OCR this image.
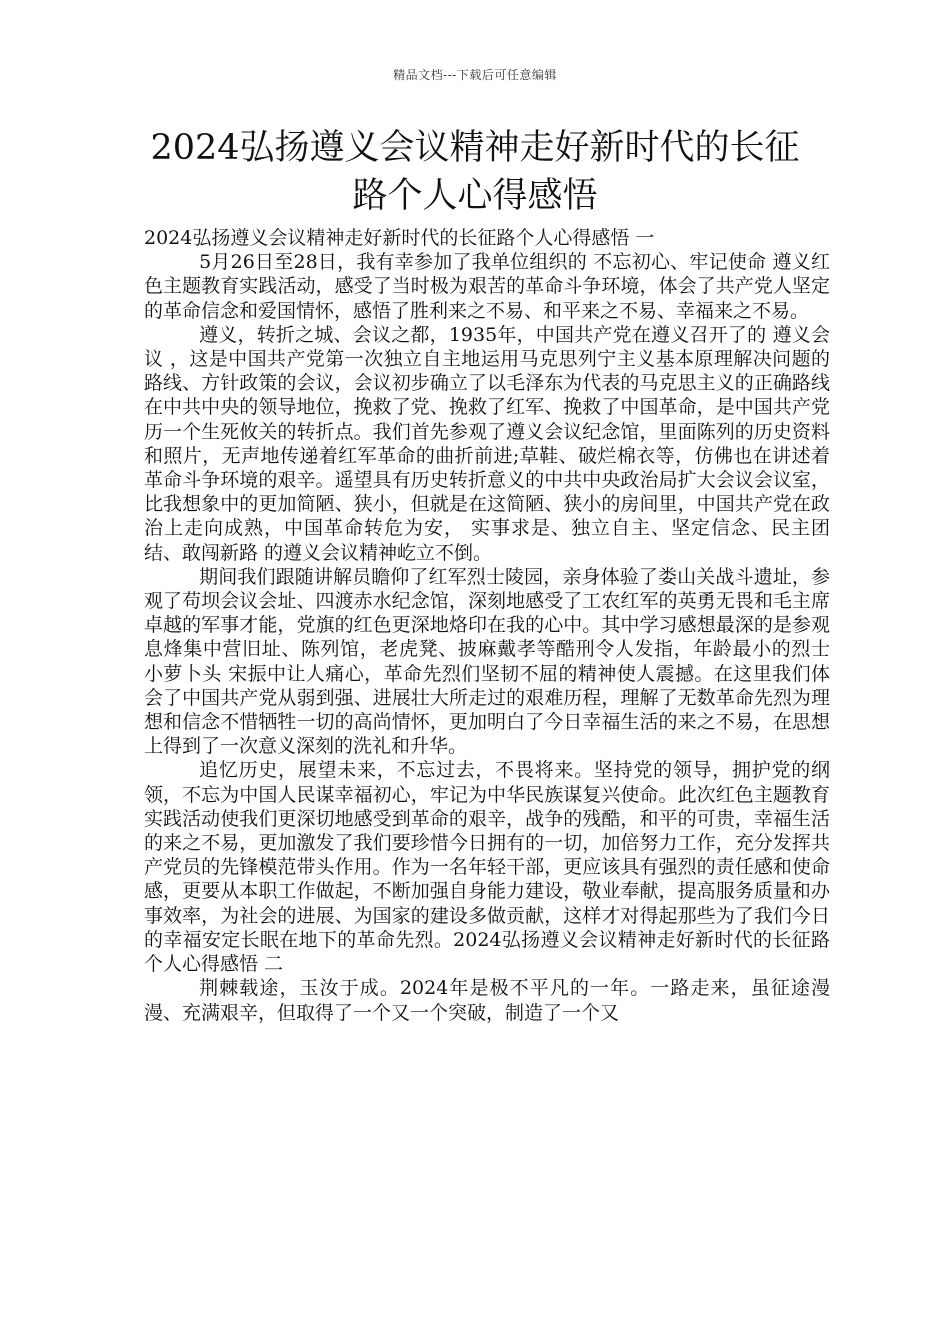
精品文档---下载后可任意编辑
2024弘扬遵义会议精神走好新时代的长征路个人心得感悟

2024弘扬遵义会议精神走好新时代的长征路个人心得感悟 一

5月26日至28日，我有幸参加了我单位组织的 不忘初心、牢记使命 遵义红色主题教育实践活动，感受了当时极为艰苦的革命斗争环境，体会了共产党人坚定的革命信念和爱国情怀，感悟了胜利来之不易、和平来之不易、幸福来之不易。

遵义，转折之城、会议之都，1935年，中国共产党在遵义召开了的 遵义会议 ，这是中国共产党第一次独立自主地运用马克思列宁主义基本原理解决问题的路线、方针政策的会议，会议初步确立了以毛泽东为代表的马克思主义的正确路线在中共中央的领导地位，挽救了党、挽救了红军、挽救了中国革命，是中国共产党历一个生死攸关的转折点。我们首先参观了遵义会议纪念馆，里面陈列的历史资料和照片，无声地传递着红军革命的曲折前进;草鞋、破烂棉衣等，仿佛也在讲述着革命斗争环境的艰辛。遥望具有历史转折意义的中共中央政治局扩大会议会议室，比我想象中的更加简陋、狭小，但就是在这简陋、狭小的房间里，中国共产党在政治上走向成熟，中国革命转危为安， 实事求是、独立自主、坚定信念、民主团结、敢闯新路 的遵义会议精神屹立不倒。

期间我们跟随讲解员瞻仰了红军烈士陵园，亲身体验了娄山关战斗遗址，参观了苟坝会议会址、四渡赤水纪念馆，深刻地感受了工农红军的英勇无畏和毛主席卓越的军事才能，党旗的红色更深地烙印在我的心中。其中学习感想最深的是参观息烽集中营旧址、陈列馆，老虎凳、披麻戴孝等酷刑令人发指，年龄最小的烈士 小萝卜头 宋振中让人痛心，革命先烈们坚韧不屈的精神使人震撼。在这里我们体会了中国共产党从弱到强、进展壮大所走过的艰难历程，理解了无数革命先烈为理想和信念不惜牺牲一切的高尚情怀，更加明白了今日幸福生活的来之不易，在思想上得到了一次意义深刻的洗礼和升华。

追忆历史，展望未来，不忘过去，不畏将来。坚持党的领导，拥护党的纲领，不忘为中国人民谋幸福初心，牢记为中华民族谋复兴使命。此次红色主题教育实践活动使我们更深切地感受到革命的艰辛，战争的残酷，和平的可贵，幸福生活的来之不易，更加激发了我们要珍惜今日拥有的一切，加倍努力工作，充分发挥共产党员的先锋模范带头作用。作为一名年轻干部，更应该具有强烈的责任感和使命感，更要从本职工作做起，不断加强自身能力建设，敬业奉献，提高服务质量和办事效率，为社会的进展、为国家的建设多做贡献，这样才对得起那些为了我们今日的幸福安定长眠在地下的革命先烈。2024弘扬遵义会议精神走好新时代的长征路个人心得感悟 二

荆棘载途，玉汝于成。2024年是极不平凡的一年。一路走来，虽征途漫漫、充满艰辛，但取得了一个又一个突破，制造了一个又
